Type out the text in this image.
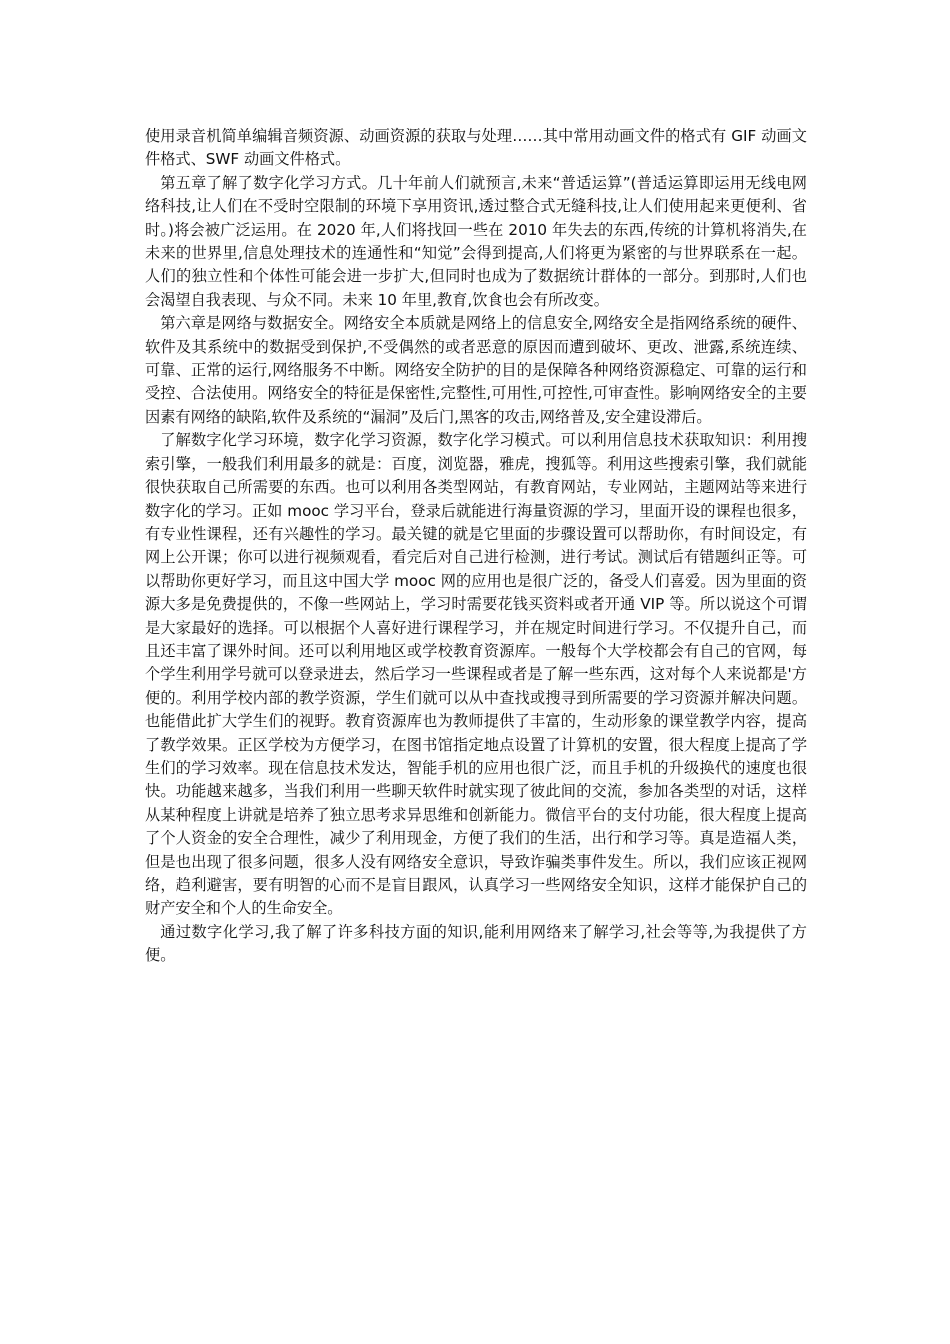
使用录音机简单编辑音频资源、动画资源的获取与处理……其中常用动画文件的格式有 GIF 动画文件格式、SWF 动画文件格式。

第五章了解了数字化学习方式。几十年前人们就预言,未来“普适运算”(普适运算即运用无线电网络科技,让人们在不受时空限制的环境下享用资讯,透过整合式无缝科技,让人们使用起来更便利、省时。)将会被广泛运用。在 2020 年,人们将找回一些在 2010 年失去的东西,传统的计算机将消失,在未来的世界里,信息处理技术的连通性和“知觉”会得到提高,人们将更为紧密的与世界联系在一起。人们的独立性和个体性可能会进一步扩大,但同时也成为了数据统计群体的一部分。到那时,人们也会渴望自我表现、与众不同。未来 10 年里,教育,饮食也会有所改变。

第六章是网络与数据安全。网络安全本质就是网络上的信息安全,网络安全是指网络系统的硬件、软件及其系统中的数据受到保护,不受偶然的或者恶意的原因而遭到破坏、更改、泄露,系统连续、可靠、正常的运行,网络服务不中断。网络安全防护的目的是保障各种网络资源稳定、可靠的运行和受控、合法使用。网络安全的特征是保密性,完整性,可用性,可控性,可审查性。影响网络安全的主要因素有网络的缺陷,软件及系统的“漏洞”及后门,黑客的攻击,网络普及,安全建设滞后。

了解数字化学习环境，数字化学习资源，数字化学习模式。可以利用信息技术获取知识：利用搜索引擎，一般我们利用最多的就是：百度，浏览器，雅虎，搜狐等。利用这些搜索引擎，我们就能很快获取自己所需要的东西。也可以利用各类型网站，有教育网站，专业网站，主题网站等来进行数字化的学习。正如 mooc 学习平台，登录后就能进行海量资源的学习，里面开设的课程也很多，有专业性课程，还有兴趣性的学习。最关键的就是它里面的步骤设置可以帮助你，有时间设定，有网上公开课；你可以进行视频观看，看完后对自己进行检测，进行考试。测试后有错题纠正等。可以帮助你更好学习，而且这中国大学 mooc 网的应用也是很广泛的，备受人们喜爱。因为里面的资源大多是免费提供的，不像一些网站上，学习时需要花钱买资料或者开通 VIP 等。所以说这个可谓是大家最好的选择。可以根据个人喜好进行课程学习，并在规定时间进行学习。不仅提升自己，而且还丰富了课外时间。还可以利用地区或学校教育资源库。一般每个大学校都会有自己的官网，每个学生利用学号就可以登录进去，然后学习一些课程或者是了解一些东西，这对每个人来说都是'方便的。利用学校内部的教学资源，学生们就可以从中查找或搜寻到所需要的学习资源并解决问题。也能借此扩大学生们的视野。教育资源库也为教师提供了丰富的，生动形象的课堂教学内容，提高了教学效果。正区学校为方便学习，在图书馆指定地点设置了计算机的安置，很大程度上提高了学生们的学习效率。现在信息技术发达，智能手机的应用也很广泛，而且手机的升级换代的速度也很快。功能越来越多，当我们利用一些聊天软件时就实现了彼此间的交流，参加各类型的对话，这样从某种程度上讲就是培养了独立思考求异思维和创新能力。微信平台的支付功能，很大程度上提高了个人资金的安全合理性，减少了利用现金，方便了我们的生活，出行和学习等。真是造福人类，但是也出现了很多问题，很多人没有网络安全意识，导致诈骗类事件发生。所以，我们应该正视网络，趋利避害，要有明智的心而不是盲目跟风，认真学习一些网络安全知识，这样才能保护自己的财产安全和个人的生命安全。

通过数字化学习,我了解了许多科技方面的知识,能利用网络来了解学习,社会等等,为我提供了方便。
